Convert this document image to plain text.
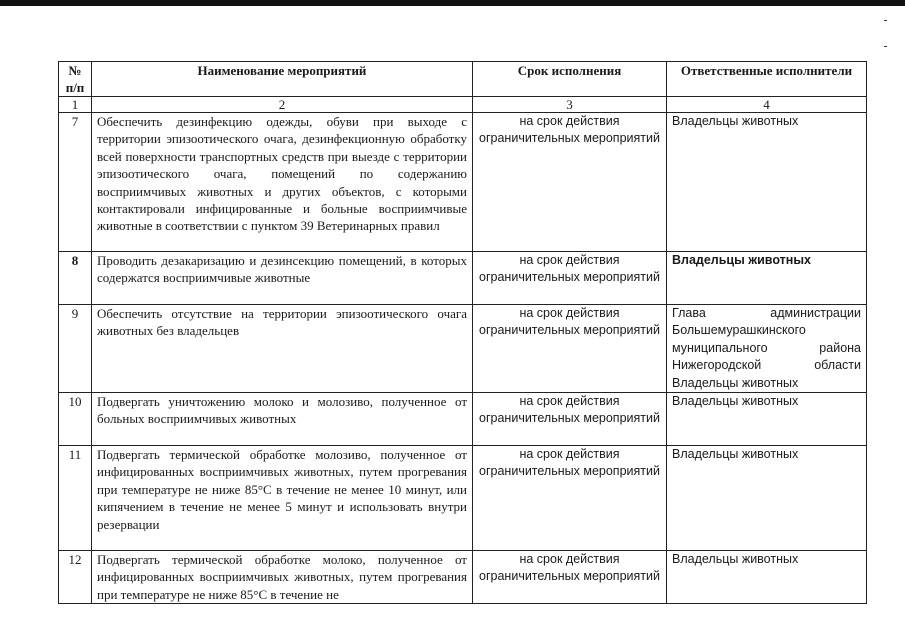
№ п/п	Наименование мероприятий	Срок исполнения	Ответственные исполнители
1	2	3	4
7	Обеспечить дезинфекцию одежды, обуви при выходе с территории эпизоотического очага, дезинфекционную обработку всей поверхности транспортных средств при выезде с территории эпизоотического очага, помещений по содержанию восприимчивых животных и других объектов, с которыми контактировали инфицированные и больные восприимчивые животные в соответствии с пунктом 39 Ветеринарных правил	на срок действия ограничительных мероприятий	Владельцы животных
8	Проводить дезакаризацию и дезинсекцию помещений, в которых содержатся восприимчивые животные	на срок действия ограничительных мероприятий	Владельцы животных
9	Обеспечить отсутствие на территории эпизоотического очага животных без владельцев	на срок действия ограничительных мероприятий	Глава администрации Большемурашкинского муниципального района Нижегородской области Владельцы животных
10	Подвергать уничтожению молоко и молозиво, полученное от больных восприимчивых животных	на срок действия ограничительных мероприятий	Владельцы животных
11	Подвергать термической обработке молозиво, полученное от инфицированных восприимчивых животных, путем прогревания при температуре не ниже 85°С в течение не менее 10 минут, или кипячением в течение не менее 5 минут и использовать внутри резервации	на срок действия ограничительных мероприятий	Владельцы животных
12	Подвергать термической обработке молоко, полученное от инфицированных восприимчивых животных, путем прогревания при температуре не ниже 85°С в течение не	на срок действия ограничительных мероприятий	Владельцы животных
